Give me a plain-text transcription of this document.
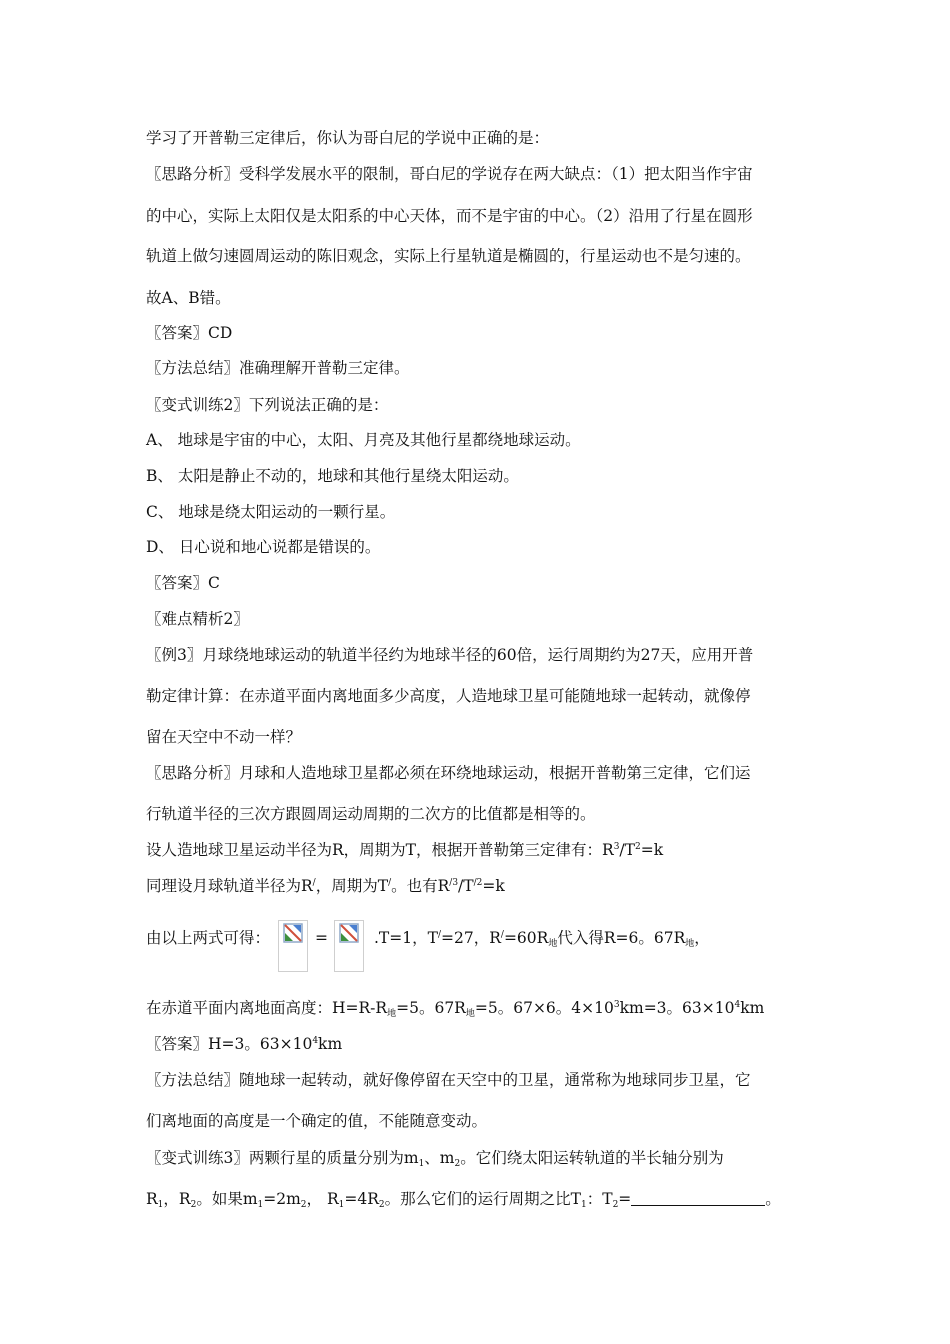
学习了开普勒三定律后，你认为哥白尼的学说中正确的是：
〖思路分析〗受科学发展水平的限制，哥白尼的学说存在两大缺点：（1）把太阳当作宇宙
的中心，实际上太阳仅是太阳系的中心天体，而不是宇宙的中心。（2）沿用了行星在圆形
轨道上做匀速圆周运动的陈旧观念，实际上行星轨道是椭圆的，行星运动也不是匀速的。
故A、B错。
〖答案〗CD
〖方法总结〗准确理解开普勒三定律。
〖变式训练2〗下列说法正确的是：
A、 地球是宇宙的中心，太阳、月亮及其他行星都绕地球运动。
B、 太阳是静止不动的，地球和其他行星绕太阳运动。
C、 地球是绕太阳运动的一颗行星。
D、 日心说和地心说都是错误的。
〖答案〗C
〖难点精析2〗
〖例3〗月球绕地球运动的轨道半径约为地球半径的60倍，运行周期约为27天，应用开普
勒定律计算：在赤道平面内离地面多少高度，人造地球卫星可能随地球一起转动，就像停
留在天空中不动一样？
〖思路分析〗月球和人造地球卫星都必须在环绕地球运动，根据开普勒第三定律，它们运
行轨道半径的三次方跟圆周运动周期的二次方的比值都是相等的。
设人造地球卫星运动半径为R，周期为T，根据开普勒第三定律有：$R^3/T^2=k$
同理设月球轨道半径为R/，周期为T/。也有$R^{/3}/T^{/2}=k$
由以上两式可得：	=	.T=1，T/=27，$R^/=60R_地$代入得R=6。$67R_地$，
在赤道平面内离地面高度：$H=R-R_地=5$。$67R_地=5$。67×6。$4\times 10^3km=3$。$63\times 10^4km$
〖答案〗H=3。$63\times 10^4km$
〖方法总结〗随地球一起转动，就好像停留在天空中的卫星，通常称为地球同步卫星，它
们离地面的高度是一个确定的值，不能随意变动。
〖变式训练3〗两颗行星的质量分别为$m_1$、$m_2$。它们绕太阳运转轨道的半长轴分别为
$R_1$，$R_2$。如果$m_1=2m_2$， $R_1=4R_2$。那么它们的运行周期之比$T_1$：$T_2=$	。
